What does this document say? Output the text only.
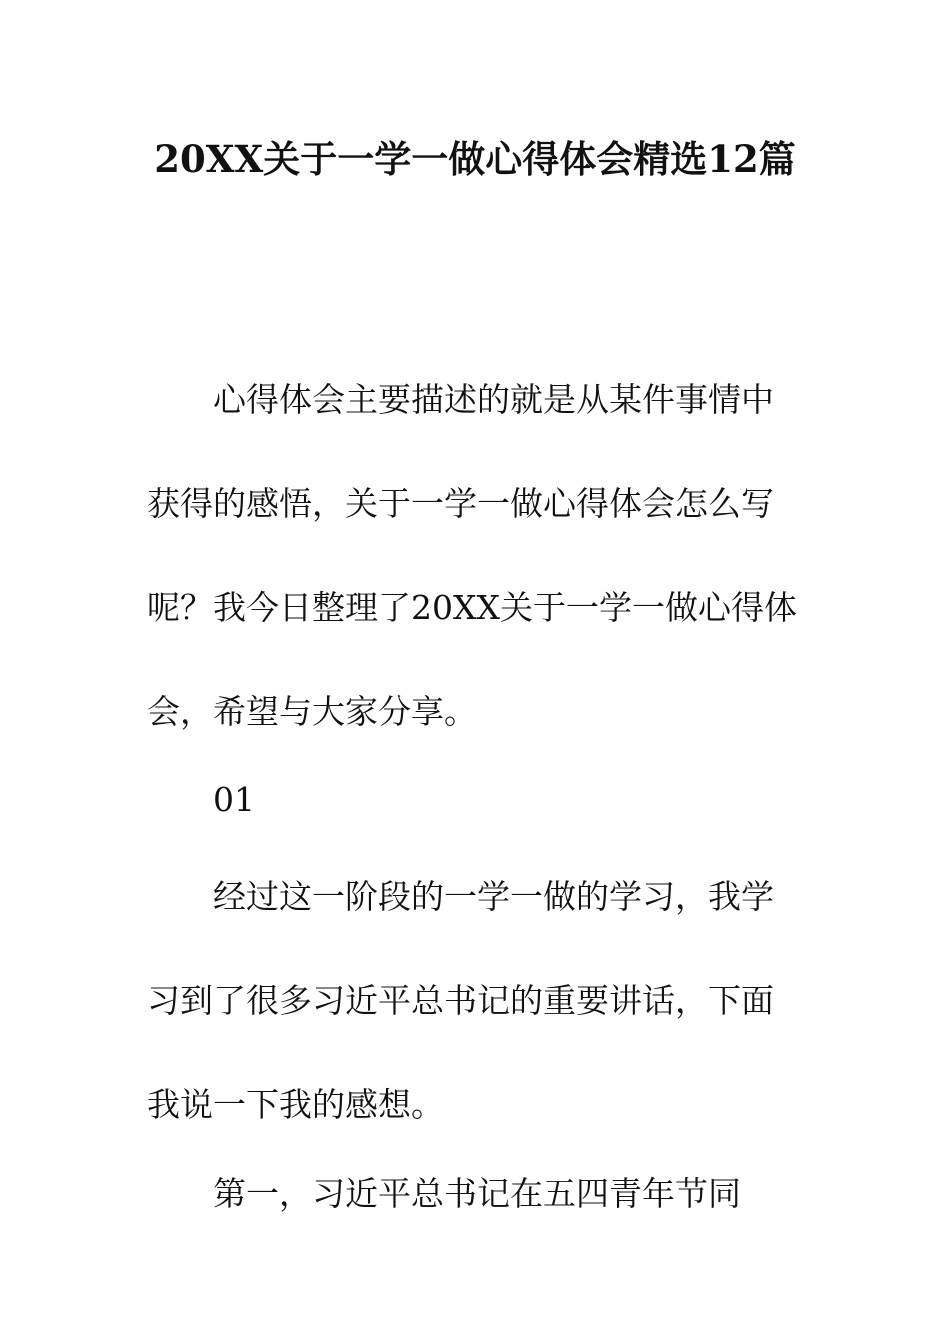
20XX关于一学一做心得体会精选12篇

心得体会主要描述的就是从某件事情中获得的感悟，关于一学一做心得体会怎么写呢？我今日整理了20XX关于一学一做心得体会，希望与大家分享。

01

经过这一阶段的一学一做的学习，我学习到了很多习近平总书记的重要讲话，下面我说一下我的感想。

第一，习近平总书记在五四青年节同
